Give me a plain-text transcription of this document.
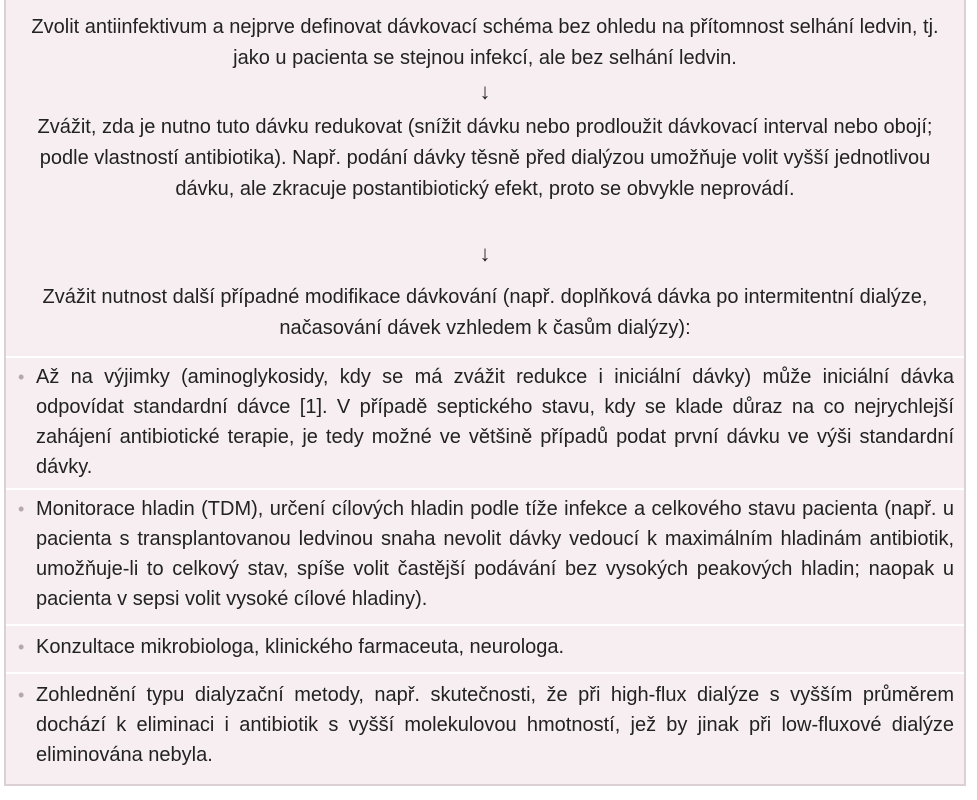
Zvolit antiinfektivum a nejprve definovat dávkovací schéma bez ohledu na přítomnost selhání ledvin, tj. jako u pacienta se stejnou infekcí, ale bez selhání ledvin.
↓
Zvážit, zda je nutno tuto dávku redukovat (snížit dávku nebo prodloužit dávkovací interval nebo obojí; podle vlastností antibiotika). Např. podání dávky těsně před dialýzou umožňuje volit vyšší jednotlivou dávku, ale zkracuje postantibiotický efekt, proto se obvykle neprovádí.
↓
Zvážit nutnost další případné modifikace dávkování (např. doplňková dávka po intermitentní dialýze, načasování dávek vzhledem k časům dialýzy):
• Až na výjimky (aminoglykosidy, kdy se má zvážit redukce i iniciální dávky) může iniciální dávka odpovídat standardní dávce [1]. V případě septického stavu, kdy se klade důraz na co nejrychlejší zahájení antibiotické terapie, je tedy možné ve většině případů podat první dávku ve výši standardní dávky.
• Monitorace hladin (TDM), určení cílových hladin podle tíže infekce a celkového stavu pacienta (např. u pacienta s transplantovanou ledvinou snaha nevolit dávky vedoucí k maximálním hladinám antibiotik, umožňuje-li to celkový stav, spíše volit častější podávání bez vysokých peakových hladin; naopak u pacienta v sepsi volit vysoké cílové hladiny).
• Konzultace mikrobiologa, klinického farmaceuta, neurologa.
• Zohlednění typu dialyzační metody, např. skutečnosti, že při high-flux dialýze s vyšším průměrem dochází k eliminaci i antibiotik s vyšší molekulovou hmotností, jež by jinak při low-fluxové dialýze eliminována nebyla.
